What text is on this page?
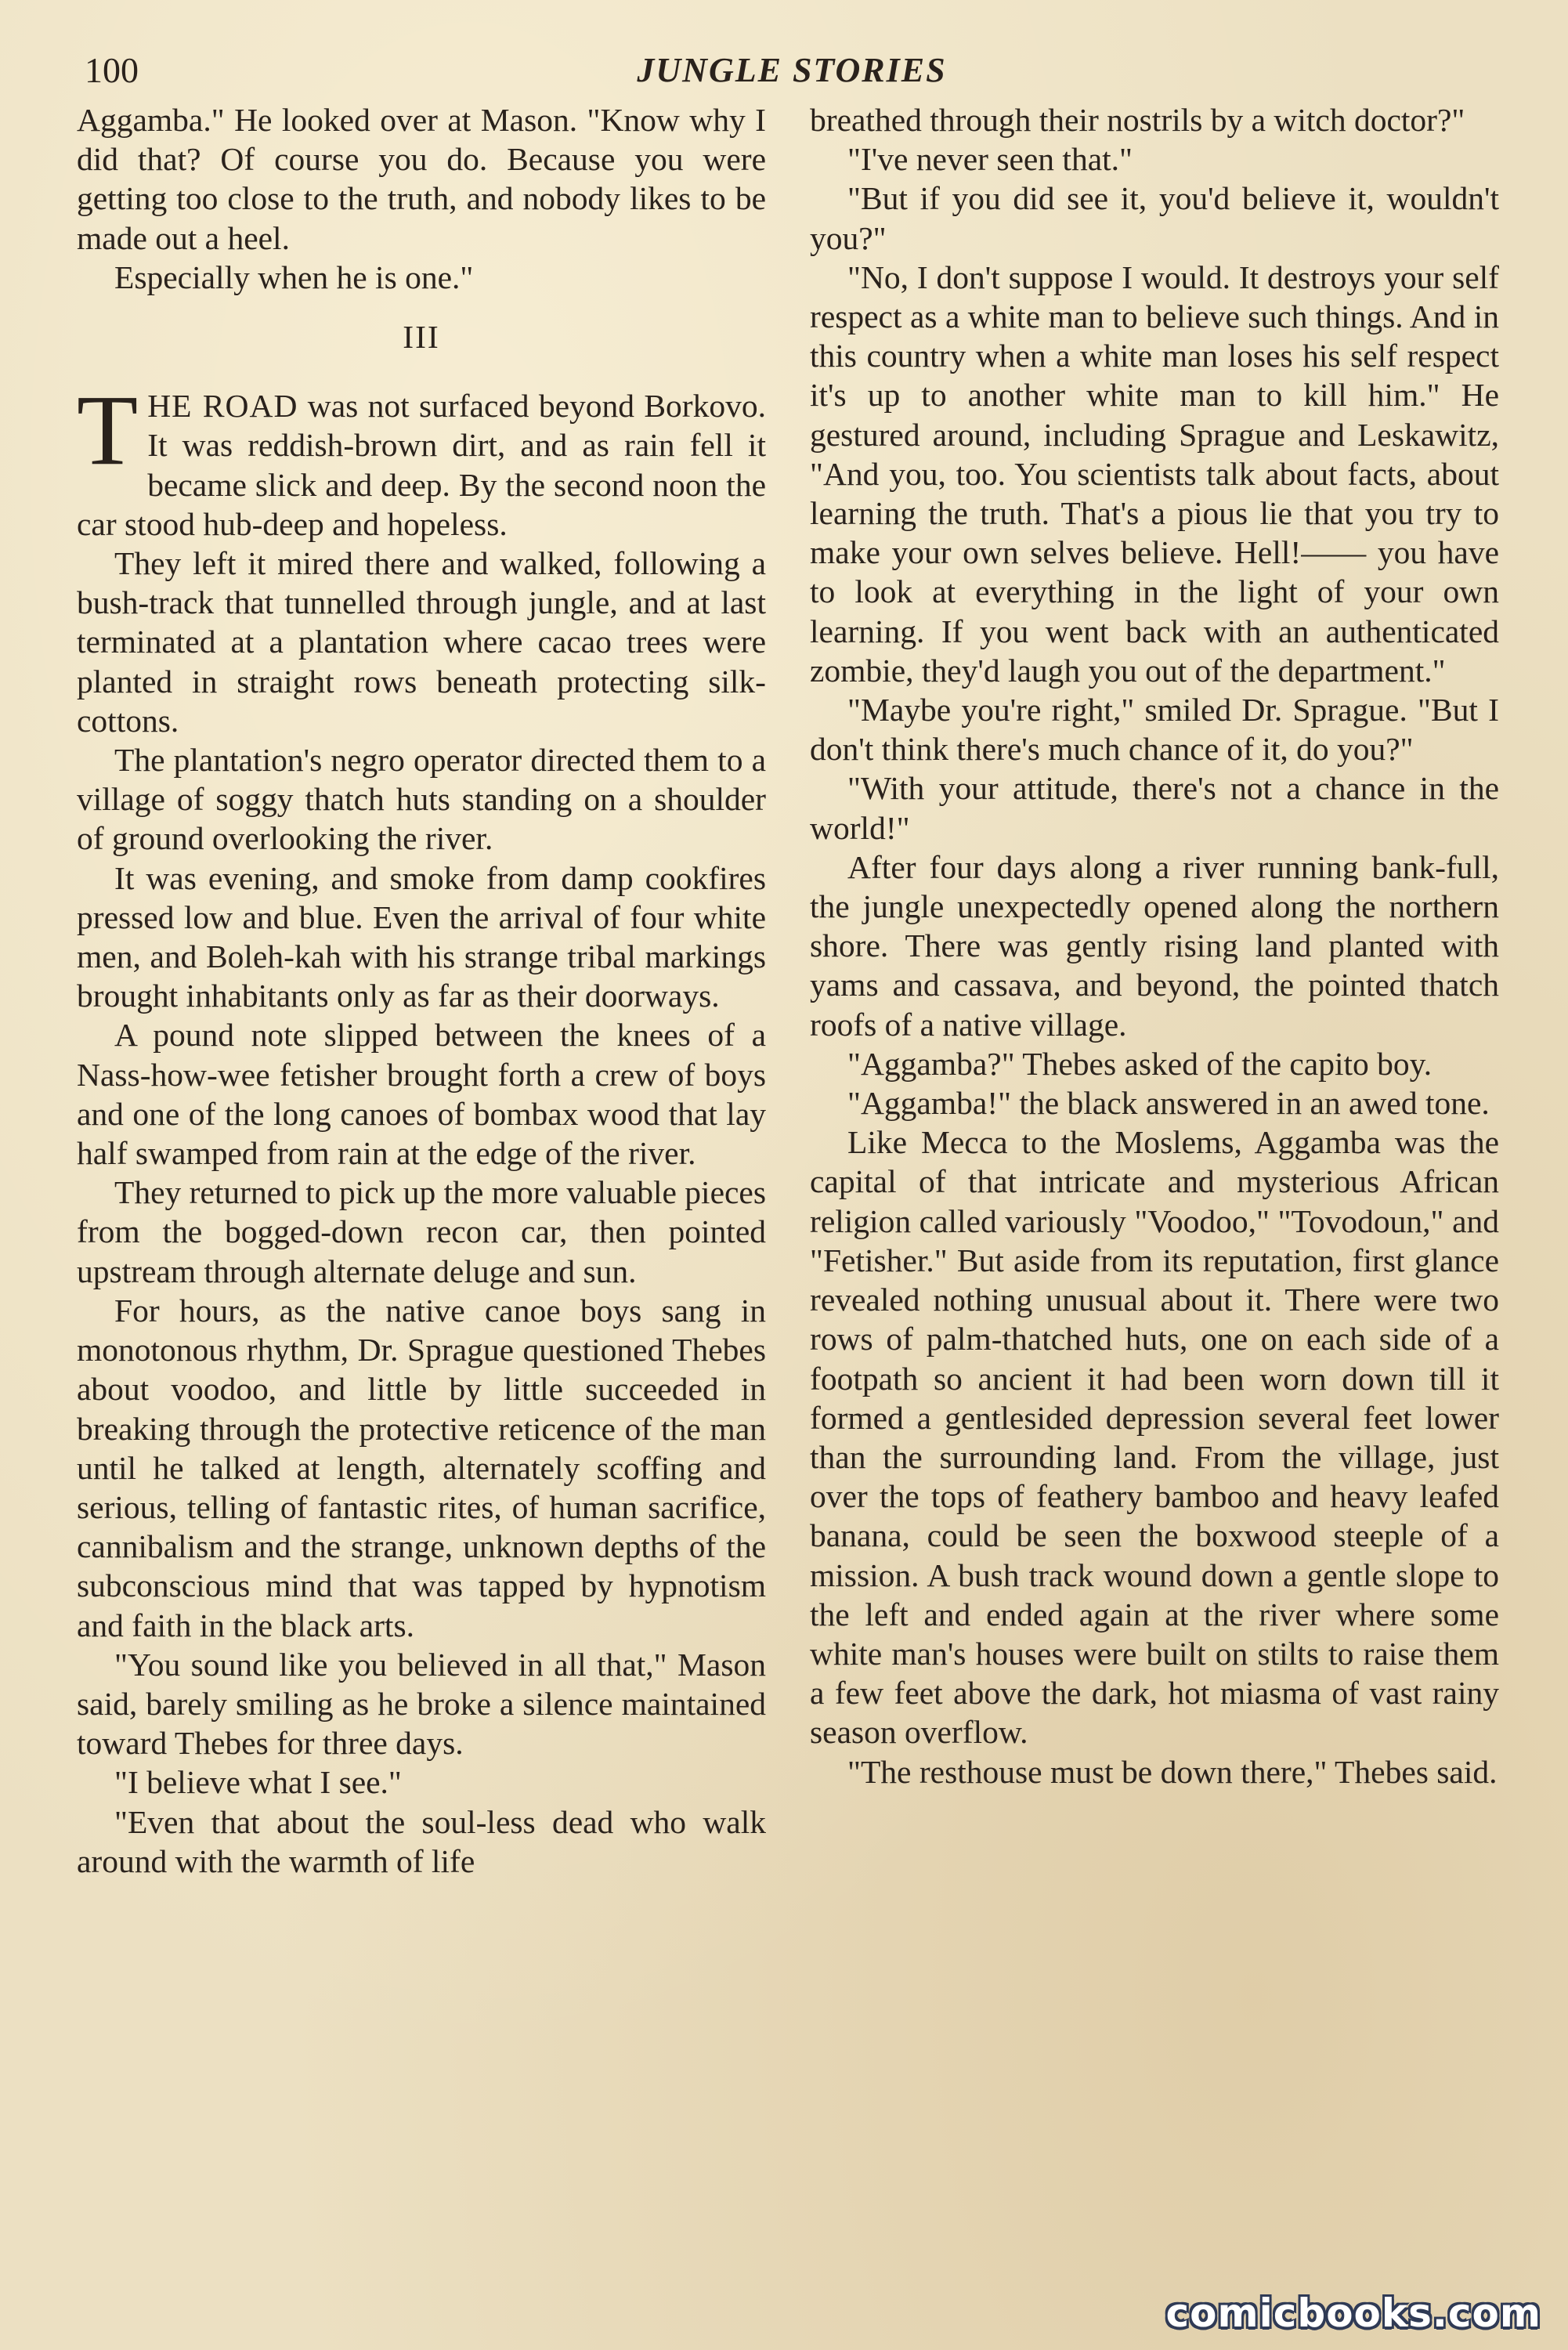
100	JUNGLE STORIES

Aggamba." He looked over at Mason. "Know why I did that? Of course you do. Because you were getting too close to the truth, and nobody likes to be made out a heel.

Especially when he is one."

III

THE ROAD was not surfaced beyond Borkovo. It was reddish-brown dirt, and as rain fell it became slick and deep. By the second noon the car stood hub-deep and hopeless.

They left it mired there and walked, following a bush-track that tunnelled through jungle, and at last terminated at a plantation where cacao trees were planted in straight rows beneath protecting silk-cottons.

The plantation's negro operator directed them to a village of soggy thatch huts standing on a shoulder of ground overlooking the river.

It was evening, and smoke from damp cookfires pressed low and blue. Even the arrival of four white men, and Boleh-kah with his strange tribal markings brought inhabitants only as far as their doorways.

A pound note slipped between the knees of a Nass-how-wee fetisher brought forth a crew of boys and one of the long canoes of bombax wood that lay half swamped from rain at the edge of the river.

They returned to pick up the more valuable pieces from the bogged-down recon car, then pointed upstream through alternate deluge and sun.

For hours, as the native canoe boys sang in monotonous rhythm, Dr. Sprague questioned Thebes about voodoo, and little by little succeeded in breaking through the protective reticence of the man until he talked at length, alternately scoffing and serious, telling of fantastic rites, of human sacrifice, cannibalism and the strange, unknown depths of the subconscious mind that was tapped by hypnotism and faith in the black arts.

"You sound like you believed in all that," Mason said, barely smiling as he broke a silence maintained toward Thebes for three days.

"I believe what I see."

"Even that about the soul-less dead who walk around with the warmth of life

breathed through their nostrils by a witch doctor?"

"I've never seen that."

"But if you did see it, you'd believe it, wouldn't you?"

"No, I don't suppose I would. It destroys your self respect as a white man to believe such things. And in this country when a white man loses his self respect it's up to another white man to kill him." He gestured around, including Sprague and Leskawitz, "And you, too. You scientists talk about facts, about learning the truth. That's a pious lie that you try to make your own selves believe. Hell!—— you have to look at everything in the light of your own learning. If you went back with an authenticated zombie, they'd laugh you out of the department."

"Maybe you're right," smiled Dr. Sprague. "But I don't think there's much chance of it, do you?"

"With your attitude, there's not a chance in the world!"

After four days along a river running bank-full, the jungle unexpectedly opened along the northern shore. There was gently rising land planted with yams and cassava, and beyond, the pointed thatch roofs of a native village.

"Aggamba?" Thebes asked of the capito boy.

"Aggamba!" the black answered in an awed tone.

Like Mecca to the Moslems, Aggamba was the capital of that intricate and mysterious African religion called variously "Voodoo," "Tovodoun," and "Fetisher." But aside from its reputation, first glance revealed nothing unusual about it. There were two rows of palm-thatched huts, one on each side of a footpath so ancient it had been worn down till it formed a gentlesided depression several feet lower than the surrounding land. From the village, just over the tops of feathery bamboo and heavy leafed banana, could be seen the boxwood steeple of a mission. A bush track wound down a gentle slope to the left and ended again at the river where some white man's houses were built on stilts to raise them a few feet above the dark, hot miasma of vast rainy season overflow.

"The resthouse must be down there," Thebes said.

comicbooks.com
